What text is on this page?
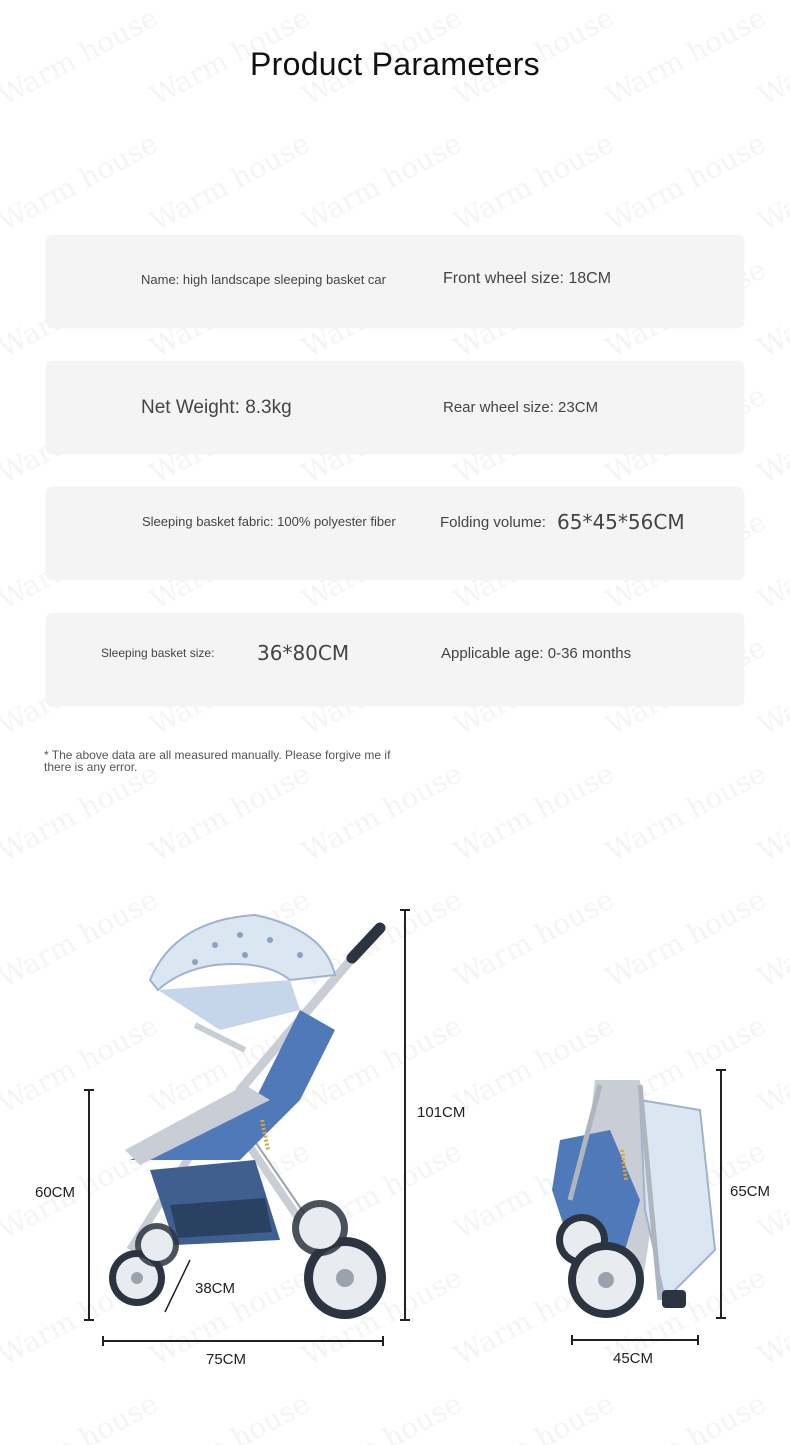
Product Parameters
Name: high landscape sleeping basket car	Front wheel size: 18CM
Net Weight: 8.3kg	Rear wheel size: 23CM
Sleeping basket fabric: 100% polyester fiber	Folding volume: 65*45*56CM
Sleeping basket size: 36*80CM	Applicable age: 0-36 months
* The above data are all measured manually. Please forgive me if there is any error.
101CM
60CM
38CM
75CM
65CM
45CM
